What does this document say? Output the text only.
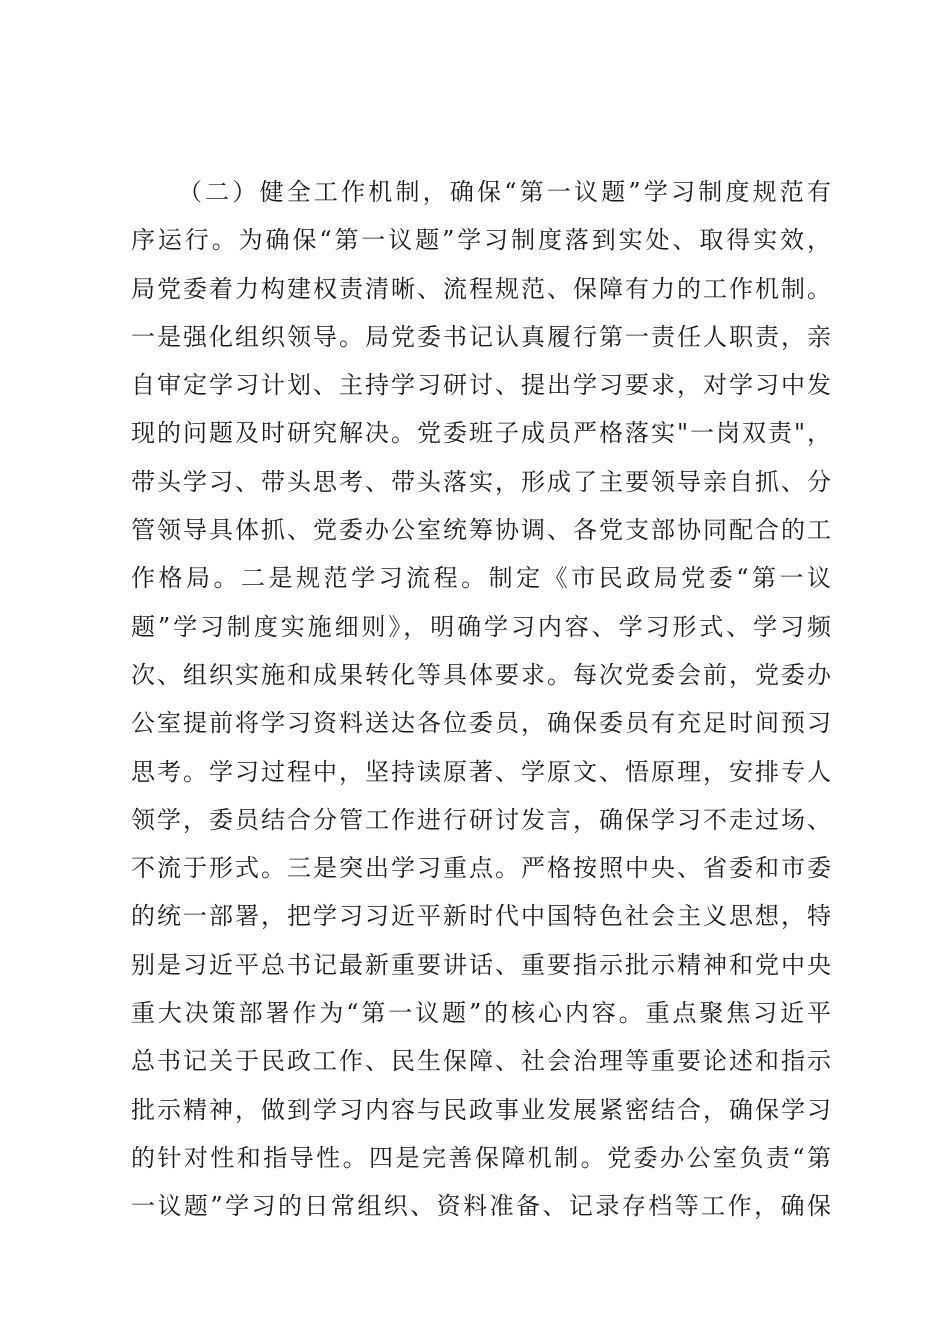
（二）健全工作机制，确保“第一议题”学习制度规范有
序运行。为确保“第一议题”学习制度落到实处、取得实效，
局党委着力构建权责清晰、流程规范、保障有力的工作机制。
一是强化组织领导。局党委书记认真履行第一责任人职责，亲
自审定学习计划、主持学习研讨、提出学习要求，对学习中发
现的问题及时研究解决。党委班子成员严格落实"一岗双责"，
带头学习、带头思考、带头落实，形成了主要领导亲自抓、分
管领导具体抓、党委办公室统筹协调、各党支部协同配合的工
作格局。二是规范学习流程。制定《市民政局党委“第一议
题”学习制度实施细则》，明确学习内容、学习形式、学习频
次、组织实施和成果转化等具体要求。每次党委会前，党委办
公室提前将学习资料送达各位委员，确保委员有充足时间预习
思考。学习过程中，坚持读原著、学原文、悟原理，安排专人
领学，委员结合分管工作进行研讨发言，确保学习不走过场、
不流于形式。三是突出学习重点。严格按照中央、省委和市委
的统一部署，把学习习近平新时代中国特色社会主义思想，特
别是习近平总书记最新重要讲话、重要指示批示精神和党中央
重大决策部署作为“第一议题”的核心内容。重点聚焦习近平
总书记关于民政工作、民生保障、社会治理等重要论述和指示
批示精神，做到学习内容与民政事业发展紧密结合，确保学习
的针对性和指导性。四是完善保障机制。党委办公室负责“第
一议题”学习的日常组织、资料准备、记录存档等工作，确保
